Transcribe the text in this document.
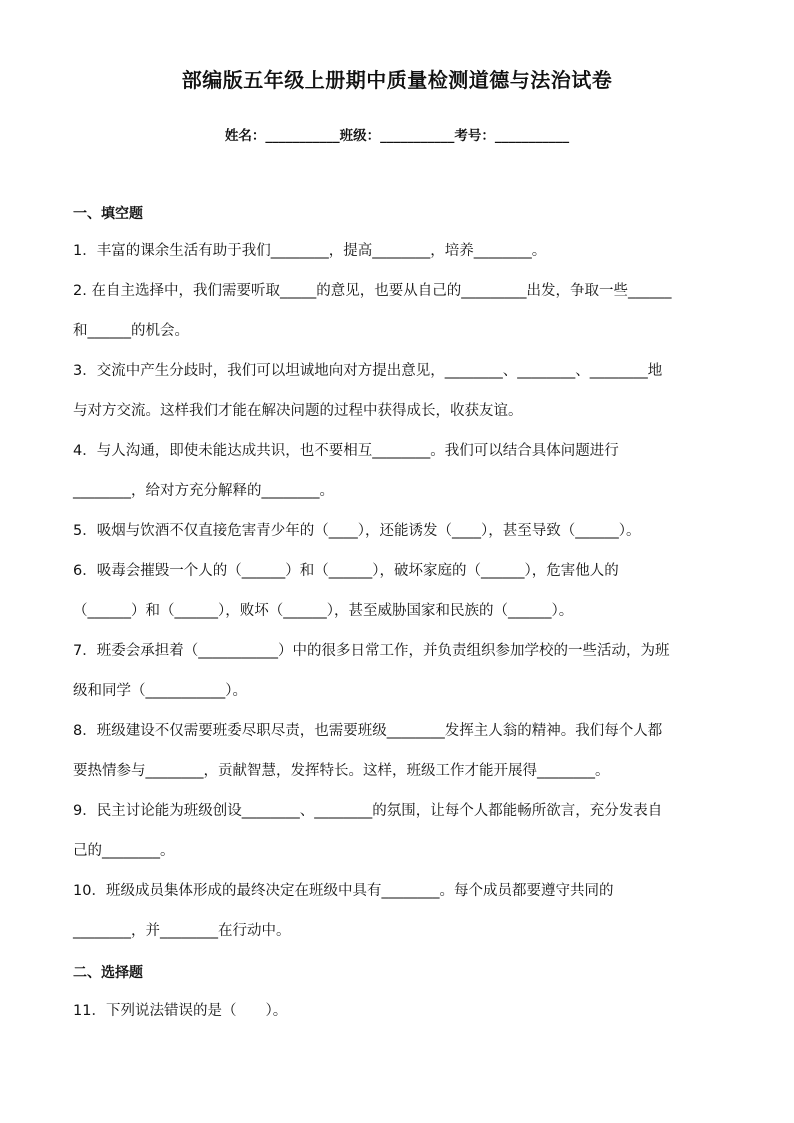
部编版五年级上册期中质量检测道德与法治试卷
姓名：___________班级：___________考号：___________
一、填空题
1．丰富的课余生活有助于我们________，提高________，培养________。
2. 在自主选择中，我们需要听取_____的意见，也要从自己的_________出发，争取一些______
和______的机会。
3．交流中产生分歧时，我们可以坦诚地向对方提出意见，________、________、________地
与对方交流。这样我们才能在解决问题的过程中获得成长，收获友谊。
4．与人沟通，即使未能达成共识，也不要相互________。我们可以结合具体问题进行
________，给对方充分解释的________。
5．吸烟与饮酒不仅直接危害青少年的（____），还能诱发（____），甚至导致（______）。
6．吸毒会摧毁一个人的（______）和（______），破坏家庭的（______），危害他人的
（______）和（______），败坏（______），甚至威胁国家和民族的（______）。
7．班委会承担着（___________）中的很多日常工作，并负责组织参加学校的一些活动，为班
级和同学（___________）。
8．班级建设不仅需要班委尽职尽责，也需要班级________发挥主人翁的精神。我们每个人都
要热情参与________，贡献智慧，发挥特长。这样，班级工作才能开展得________。
9．民主讨论能为班级创设________、________的氛围，让每个人都能畅所欲言，充分发表自
己的________。
10．班级成员集体形成的最终决定在班级中具有________。每个成员都要遵守共同的
________，并________在行动中。
二、选择题
11．下列说法错误的是（　　）。
